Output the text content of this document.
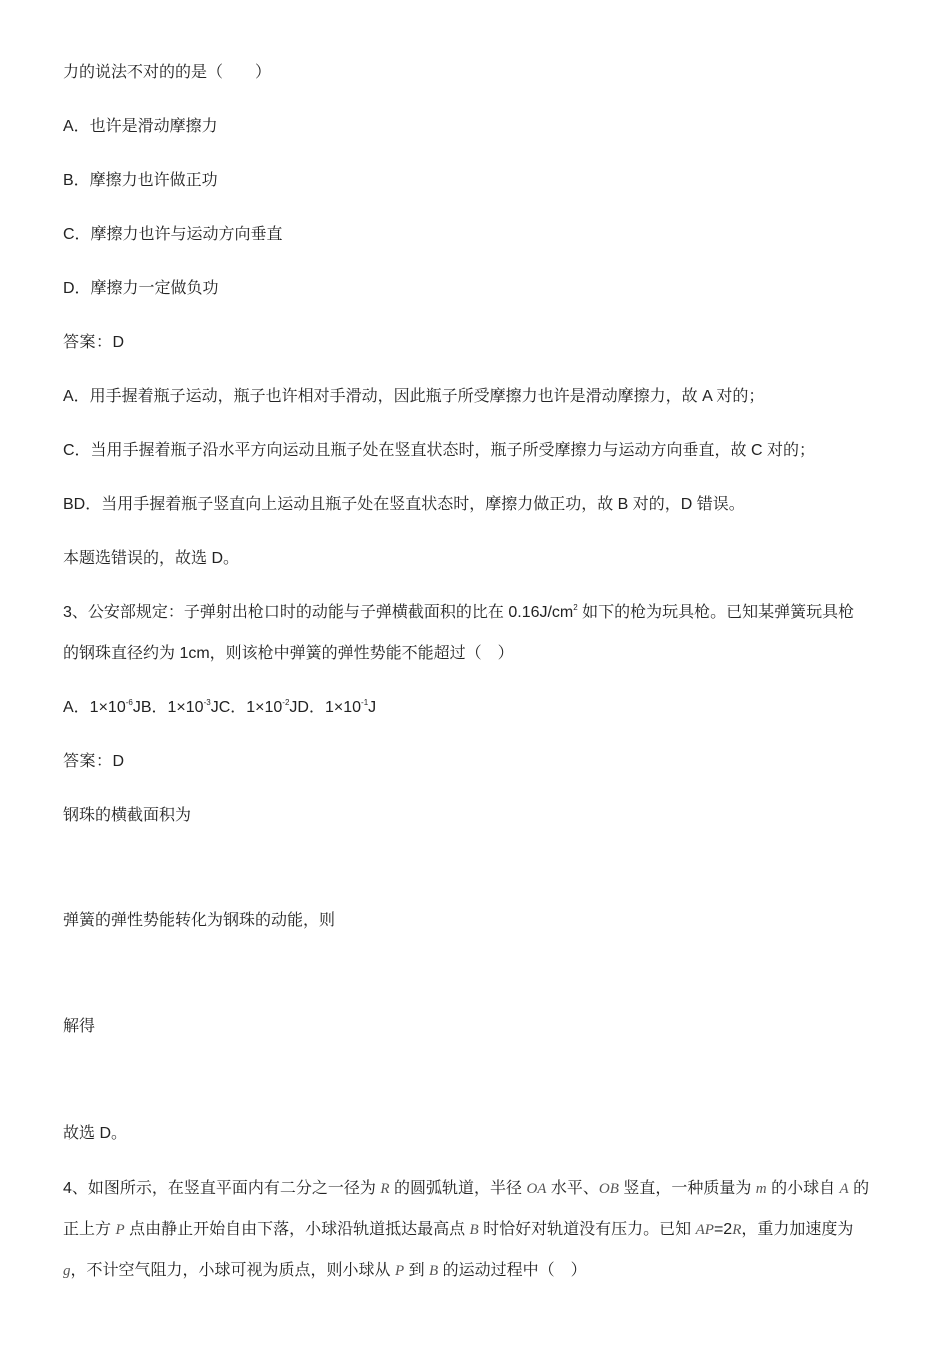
力的说法不对的的是（　　）
A．也许是滑动摩擦力
B．摩擦力也许做正功
C．摩擦力也许与运动方向垂直
D．摩擦力一定做负功
答案：D
A．用手握着瓶子运动，瓶子也许相对手滑动，因此瓶子所受摩擦力也许是滑动摩擦力，故 A 对的；
C．当用手握着瓶子沿水平方向运动且瓶子处在竖直状态时，瓶子所受摩擦力与运动方向垂直，故 C 对的；
BD．当用手握着瓶子竖直向上运动且瓶子处在竖直状态时，摩擦力做正功，故 B 对的，D 错误。
本题选错误的，故选 D。
3、公安部规定：子弹射出枪口时的动能与子弹横截面积的比在 $0.16J/cm^2$ 如下的枪为玩具枪。已知某弹簧玩具枪
的钢珠直径约为 1cm，则该枪中弹簧的弹性势能不能超过（　）
A．$1\times 10^{-6}JB$．$1\times 10^{-3}JC$．$1\times 10^{-2}JD$．$1\times 10^{-1}J$
答案：D
钢珠的横截面积为
弹簧的弹性势能转化为钢珠的动能，则
解得
故选 D。
4、如图所示，在竖直平面内有二分之一径为 R 的圆弧轨道，半径 OA 水平、OB 竖直，一种质量为 m 的小球自 A 的
正上方 P 点由静止开始自由下落，小球沿轨道抵达最高点 B 时恰好对轨道没有压力。已知 AP=2R，重力加速度为
g，不计空气阻力，小球可视为质点，则小球从 P 到 B 的运动过程中（　）
